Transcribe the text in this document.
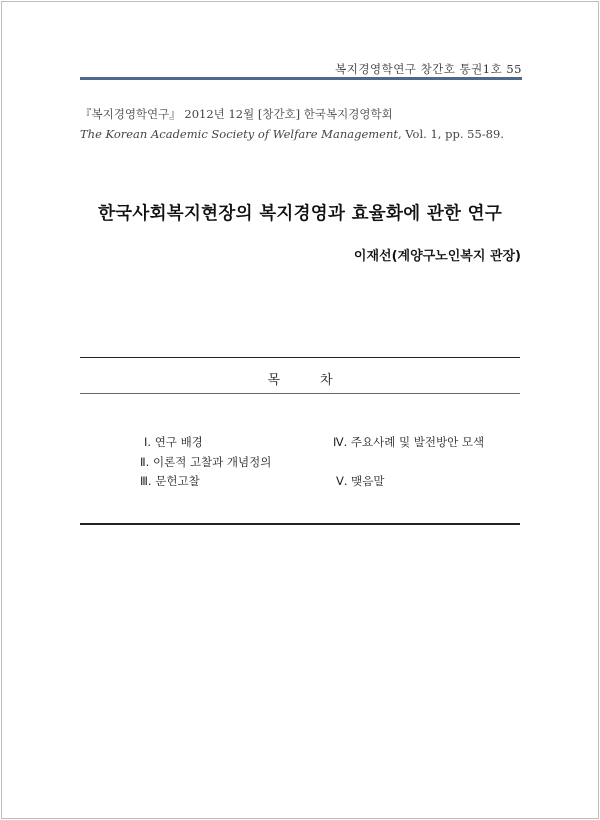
복지경영학연구 창간호 통권1호 55
『복지경영학연구』 2012년 12월 [창간호] 한국복지경영학회
The Korean Academic Society of Welfare Management, Vol. 1, pp. 55-89.
한국사회복지현장의 복지경영과 효율화에 관한 연구
이재선(계양구노인복지 관장)
목	차
Ⅰ. 연구 배경
Ⅱ. 이론적 고찰과 개념정의
Ⅲ. 문헌고찰
Ⅳ. 주요사례 및 발전방안 모색
Ⅴ. 맺음말
